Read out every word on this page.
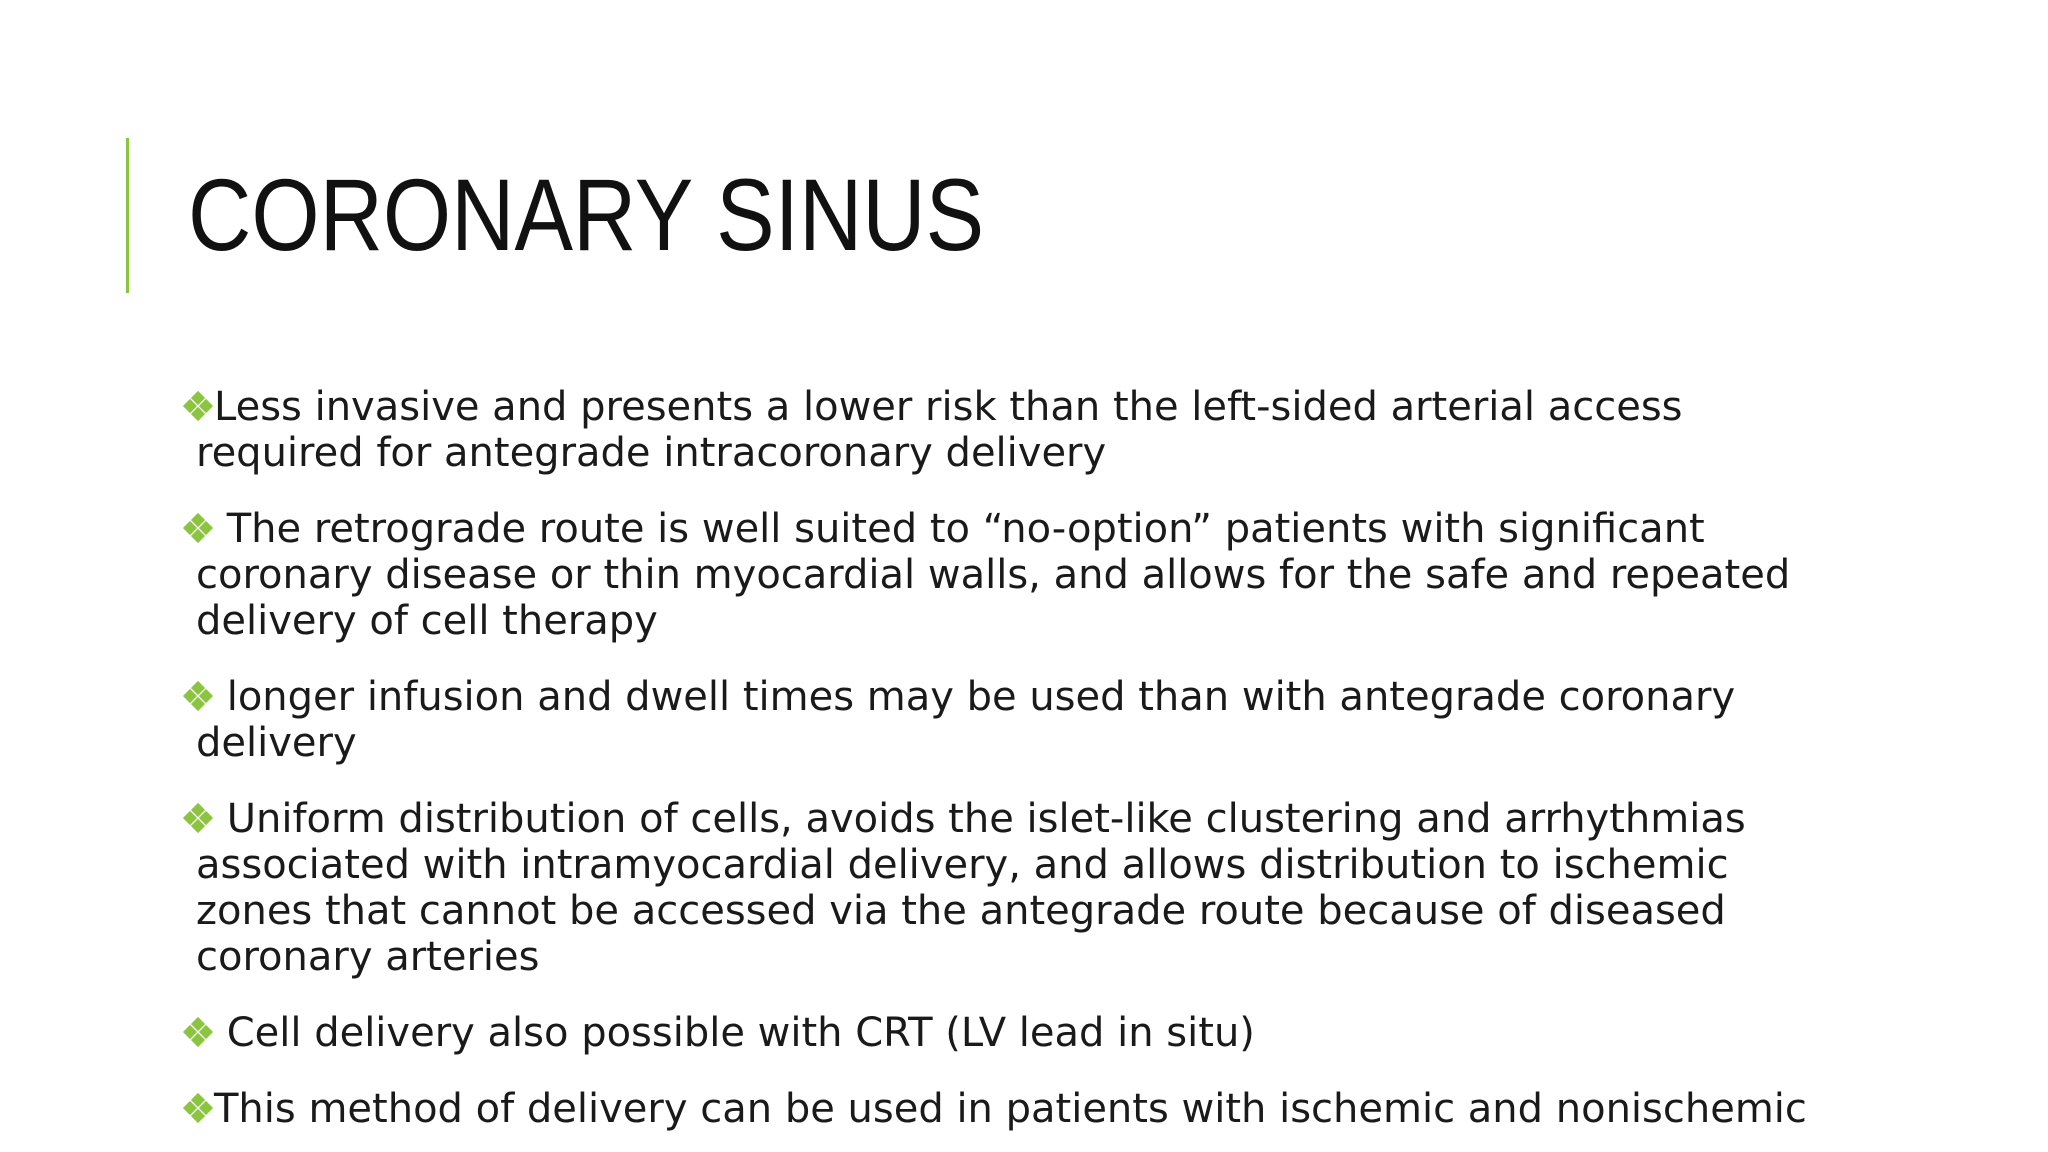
CORONARY SINUS
Less invasive and presents a lower risk than the left-sided arterial access required for antegrade intracoronary delivery
The retrograde route is well suited to “no-option” patients with significant coronary disease or thin myocardial walls, and allows for the safe and repeated delivery of cell therapy
longer infusion and dwell times may be used than with antegrade coronary delivery
Uniform distribution of cells, avoids the islet-like clustering and arrhythmias associated with intramyocardial delivery, and allows distribution to ischemic zones that cannot be accessed via the antegrade route because of diseased coronary arteries
Cell delivery also possible with CRT (LV lead in situ)
This method of delivery can be used in patients with ischemic and nonischemic
